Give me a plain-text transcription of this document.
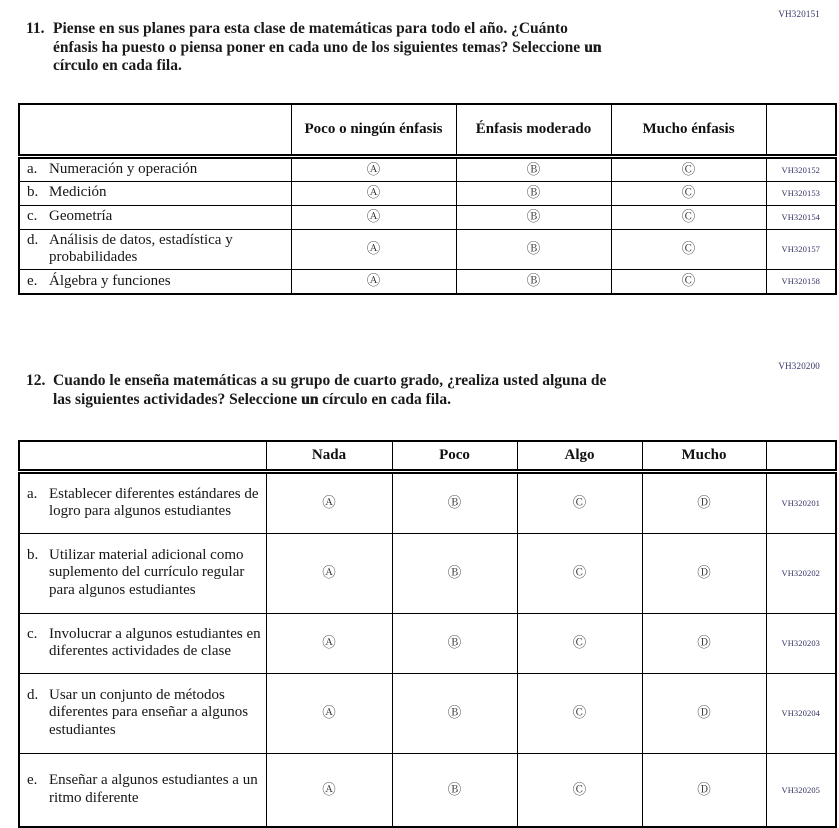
VH320151
11. Piense en sus planes para esta clase de matemáticas para todo el año. ¿Cuánto
énfasis ha puesto o piensa poner en cada uno de los siguientes temas? Seleccione un
círculo en cada fila.
	Poco o ningún énfasis	Énfasis moderado	Mucho énfasis	

a. Numeración y operación	Ⓐ	Ⓑ	Ⓒ	VH320152

b. Medición	Ⓐ	Ⓑ	Ⓒ	VH320153

c. Geometría	Ⓐ	Ⓑ	Ⓒ	VH320154

d. Análisis de datos, estadística y probabilidades	Ⓐ	Ⓑ	Ⓒ	VH320157

e. Álgebra y funciones	Ⓐ	Ⓑ	Ⓒ	VH320158
VH320200
12. Cuando le enseña matemáticas a su grupo de cuarto grado, ¿realiza usted alguna de
las siguientes actividades? Seleccione un círculo en cada fila.
	Nada	Poco	Algo	Mucho	

a. Establecer diferentes estándares de logro para algunos estudiantes	Ⓐ	Ⓑ	Ⓒ	Ⓓ	VH320201

b. Utilizar material adicional como suplemento del currículo regular para algunos estudiantes	Ⓐ	Ⓑ	Ⓒ	Ⓓ	VH320202

c. Involucrar a algunos estudiantes en diferentes actividades de clase	Ⓐ	Ⓑ	Ⓒ	Ⓓ	VH320203

d. Usar un conjunto de métodos diferentes para enseñar a algunos estudiantes	Ⓐ	Ⓑ	Ⓒ	Ⓓ	VH320204

e. Enseñar a algunos estudiantes a un ritmo diferente	Ⓐ	Ⓑ	Ⓒ	Ⓓ	VH320205
